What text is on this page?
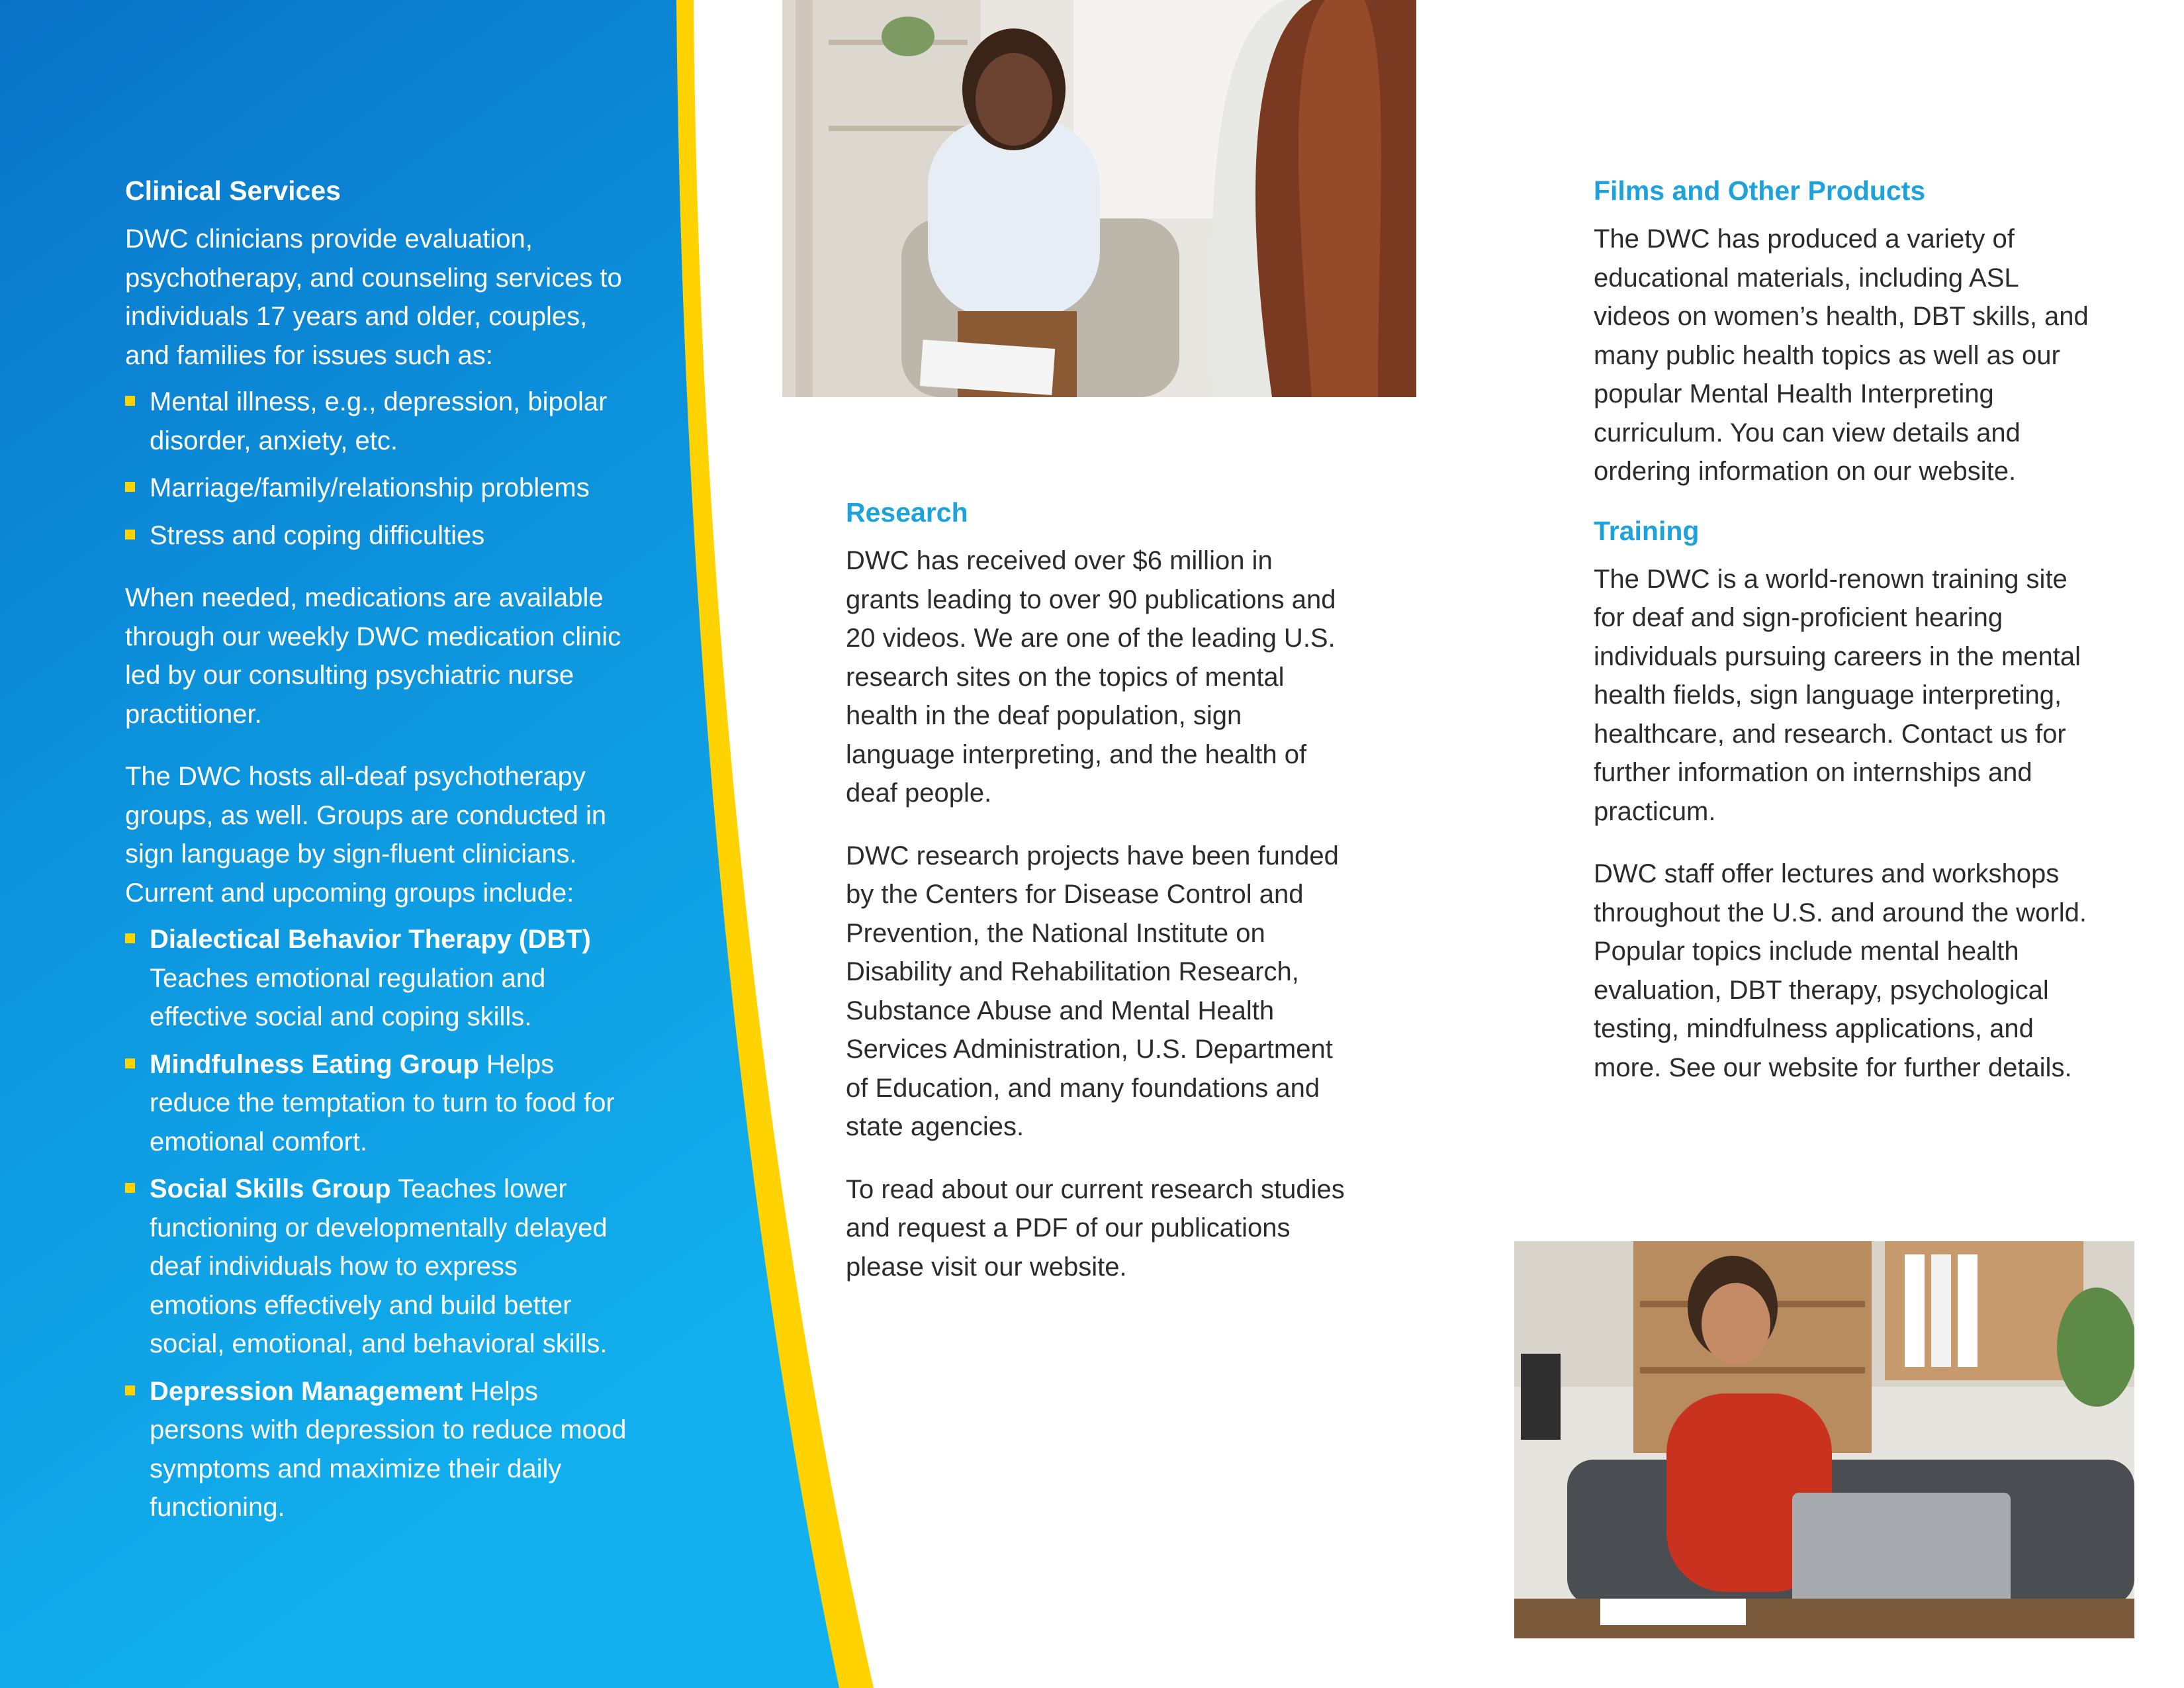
Clinical Services

DWC clinicians provide evaluation, psychotherapy, and counseling services to individuals 17 years and older, couples, and families for issues such as:

Mental illness, e.g., depression, bipolar disorder, anxiety, etc.
Marriage/family/relationship problems
Stress and coping difficulties

When needed, medications are available through our weekly DWC medication clinic led by our consulting psychiatric nurse practitioner.

The DWC hosts all-deaf psychotherapy groups, as well. Groups are conducted in sign language by sign-fluent clinicians. Current and upcoming groups include:

Dialectical Behavior Therapy (DBT) Teaches emotional regulation and effective social and coping skills.
Mindfulness Eating Group Helps reduce the temptation to turn to food for emotional comfort.
Social Skills Group Teaches lower functioning or developmentally delayed deaf individuals how to express emotions effectively and build better social, emotional, and behavioral skills.
Depression Management Helps persons with depression to reduce mood symptoms and maximize their daily functioning.
Research

DWC has received over $6 million in grants leading to over 90 publications and 20 videos. We are one of the leading U.S. research sites on the topics of mental health in the deaf population, sign language interpreting, and the health of deaf people.

DWC research projects have been funded by the Centers for Disease Control and Prevention, the National Institute on Disability and Rehabilitation Research, Substance Abuse and Mental Health Services Administration, U.S. Department of Education, and many foundations and state agencies.

To read about our current research studies and request a PDF of our publications please visit our website.

Films and Other Products

The DWC has produced a variety of educational materials, including ASL videos on women’s health, DBT skills, and many public health topics as well as our popular Mental Health Interpreting curriculum. You can view details and ordering information on our website.

Training

The DWC is a world-renown training site for deaf and sign-proficient hearing individuals pursuing careers in the mental health fields, sign language interpreting, healthcare, and research. Contact us for further information on internships and practicum.

DWC staff offer lectures and workshops throughout the U.S. and around the world. Popular topics include mental health evaluation, DBT therapy, psychological testing, mindfulness applications, and more. See our website for further details.
